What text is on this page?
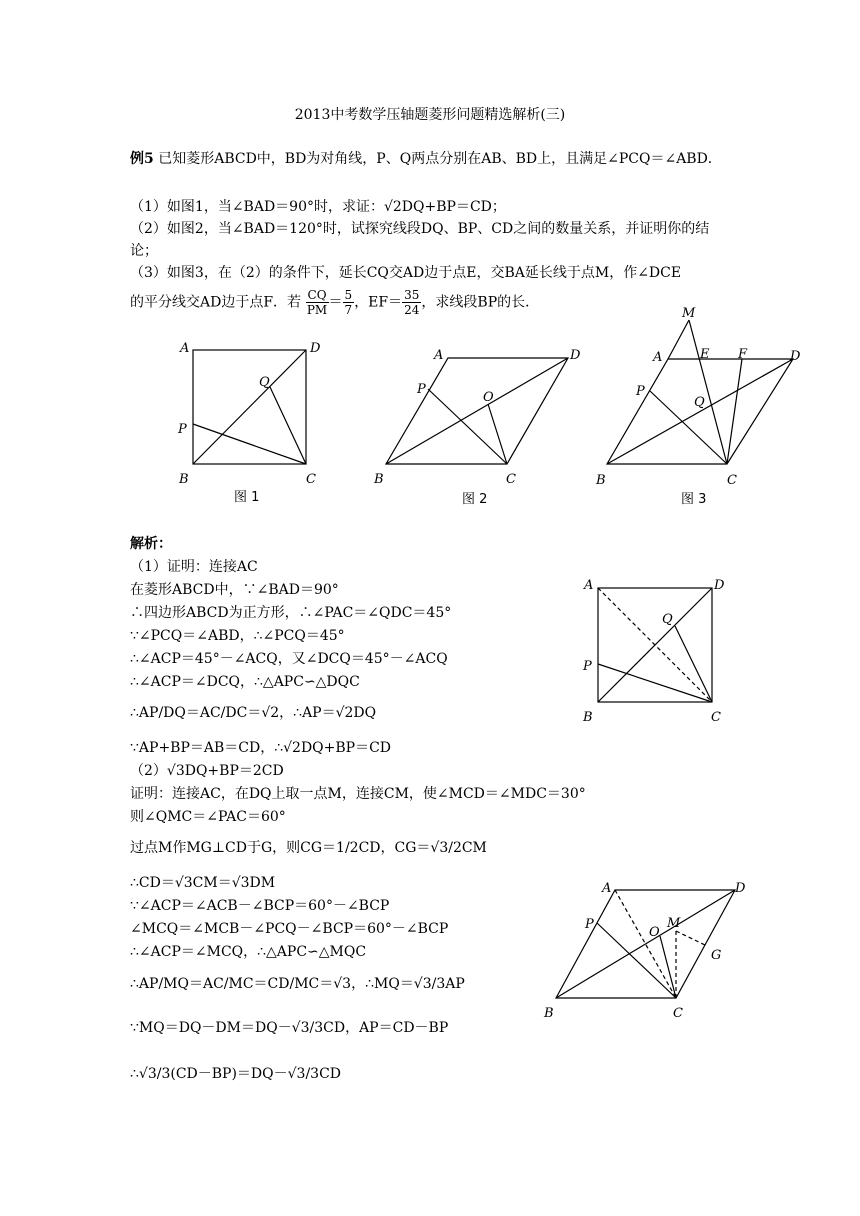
2013中考数学压轴题菱形问题精选解析(三)
例5 已知菱形ABCD中，BD为对角线，P、Q两点分别在AB、BD上，且满足∠PCQ＝∠ABD．
（1）如图1，当∠BAD＝90°时，求证：√2DQ+BP＝CD；
（2）如图2，当∠BAD＝120°时，试探究线段DQ、BP、CD之间的数量关系，并证明你的结论；
（3）如图3，在（2）的条件下，延长CQ交AD边于点E，交BA延长线于点M，作∠DCE
的平分线交AD边于点F．若 $\frac{CQ}{PM} = \frac{5}{7}$ ，$EF= \frac{35}{24}$ ，求线段BP的长．
A	D
B	C
P
Q
图 1
A	D
B	C
P
O
图 2
M
A	E F	D
P
Q
B	C
图 3
解析：
（1）证明：连接AC
在菱形ABCD中，∵∠BAD＝90°
∴四边形ABCD为正方形，∴∠PAC＝∠QDC＝45°
∵∠PCQ＝∠ABD，∴∠PCQ＝45°
∴∠ACP＝45°－∠ACQ，又∠DCQ＝45°－∠ACQ
∴∠ACP＝∠DCQ，∴△APC∽△DQC
∴AP/DQ＝AC/DC＝√2，∴AP＝√2DQ
∵AP+BP＝AB＝CD，∴√2DQ+BP＝CD
（2）√3DQ+BP＝2CD
证明：连接AC，在DQ上取一点M，连接CM，使∠MCD＝∠MDC＝30°
则∠QMC＝∠PAC＝60°
过点M作MG⊥CD于G，则CG＝1/2CD，CG＝√3/2CM
∴CD＝√3CM＝√3DM
∵∠ACP＝∠ACB－∠BCP＝60°－∠BCP
∠MCQ＝∠MCB－∠PCQ－∠BCP＝60°－∠BCP
∴∠ACP＝∠MCQ，∴△APC∽△MQC
∴AP/MQ＝AC/MC＝CD/MC＝√3，∴MQ＝√3/3AP
∵MQ＝DQ－DM＝DQ－√3/3CD，AP＝CD－BP
∴√3/3(CD－BP)＝DQ－√3/3CD
A	D
B	C
P
Q
A	D
B	C
P
O
M
G
